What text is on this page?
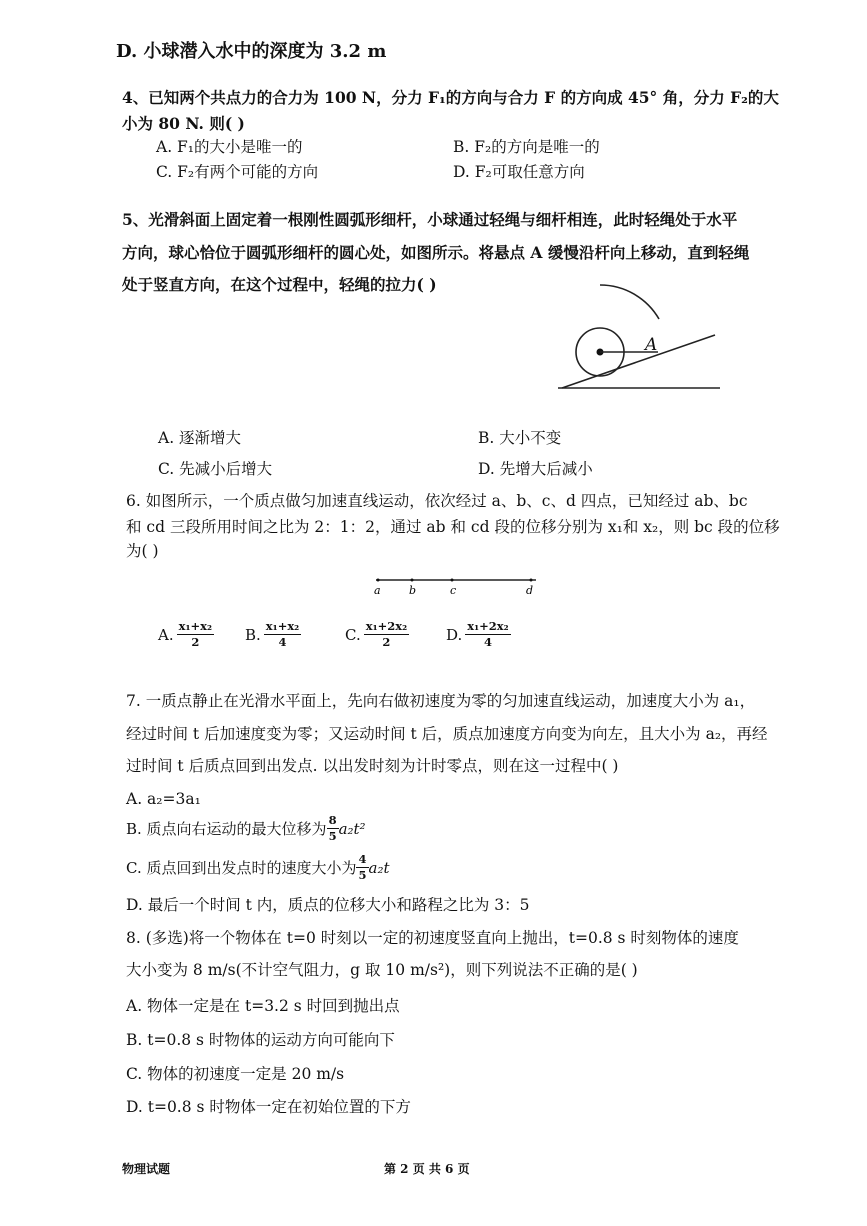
D. 小球潜入水中的深度为 3.2 m
4、已知两个共点力的合力为 100 N，分力 F₁的方向与合力 F 的方向成 45° 角，分力 F₂的大
小为 80 N. 则( )
A. F₁的大小是唯一的	B. F₂的方向是唯一的
C. F₂有两个可能的方向	D. F₂可取任意方向
5、光滑斜面上固定着一根刚性圆弧形细杆，小球通过轻绳与细杆相连，此时轻绳处于水平
方向，球心恰位于圆弧形细杆的圆心处，如图所示。将悬点 A 缓慢沿杆向上移动，直到轻绳
处于竖直方向，在这个过程中，轻绳的拉力( )
A
A. 逐渐增大	B. 大小不变
C. 先减小后增大	D. 先增大后减小
6. 如图所示，一个质点做匀加速直线运动，依次经过 a、b、c、d 四点，已知经过 ab、bc
和 cd 三段所用时间之比为 2：1：2，通过 ab 和 cd 段的位移分别为 x₁和 x₂，则 bc 段的位移
为( )
a	b	c	d
A. $\frac{\text{x₁+x₂}}{2} B$. $\frac{\text{x₁+x₂}}{4}$	C. $\frac{\text{x₁+2x₂}}{2} D$. $\frac{\text{x₁+2x₂}}{4}$
7. 一质点静止在光滑水平面上，先向右做初速度为零的匀加速直线运动，加速度大小为 a₁，
经过时间 t 后加速度变为零；又运动时间 t 后，质点加速度方向变为向左，且大小为 a₂，再经
过时间 t 后质点回到出发点. 以出发时刻为计时零点，则在这一过程中( )
A. a₂=3a₁
B. 质点向右运动的最大位移为 $\frac{8}{5} a_2t^2$
C. 质点回到出发点时的速度大小为 $\frac{4}{5} a_2t$
D. 最后一个时间 t 内，质点的位移大小和路程之比为 3：5
8. (多选)将一个物体在 t=0 时刻以一定的初速度竖直向上抛出，t=0.8 s 时刻物体的速度
大小变为 8 m/s(不计空气阻力，g 取 10 m/s²)，则下列说法不正确的是( )
A. 物体一定是在 t=3.2 s 时回到抛出点
B. t=0.8 s 时物体的运动方向可能向下
C. 物体的初速度一定是 20 m/s
D. t=0.8 s 时物体一定在初始位置的下方
物理试题	第 2 页 共 6 页
